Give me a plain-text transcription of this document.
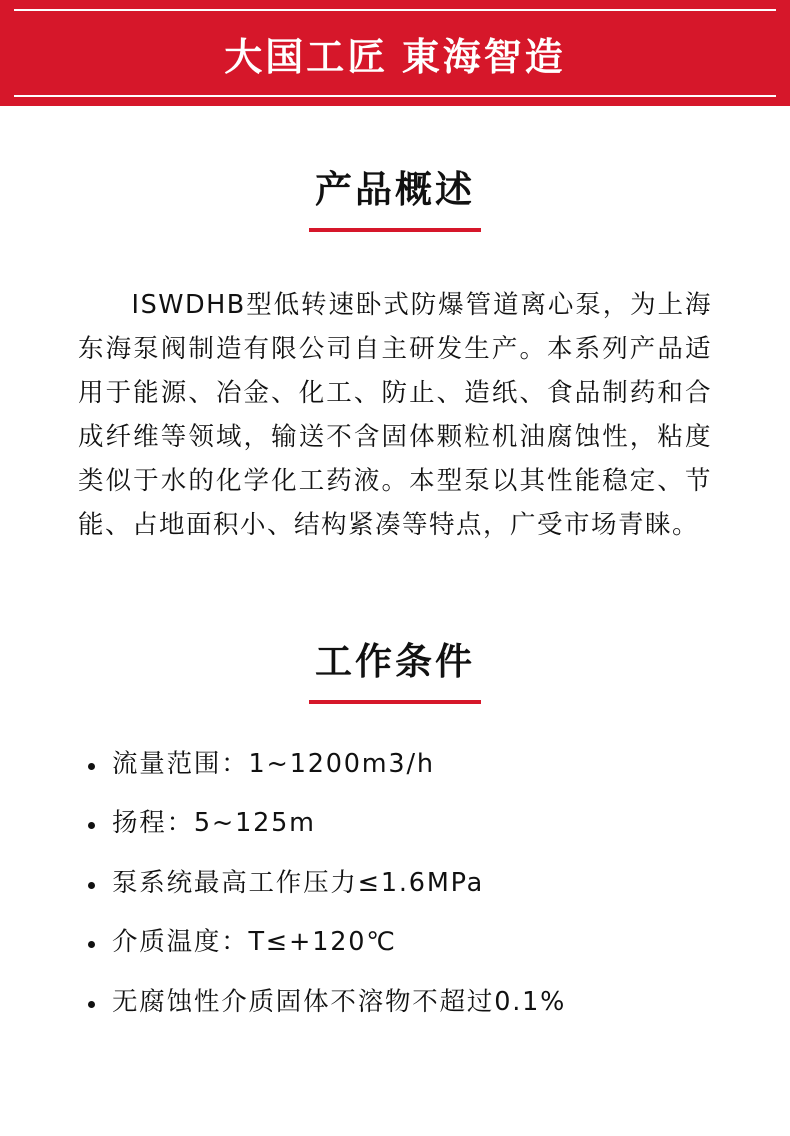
大国工匠 東海智造
产品概述

ISWDHB型低转速卧式防爆管道离心泵，为上海东海泵阀制造有限公司自主研发生产。本系列产品适用于能源、冶金、化工、防止、造纸、食品制药和合成纤维等领域，输送不含固体颗粒机油腐蚀性，粘度类似于水的化学化工药液。本型泵以其性能稳定、节能、占地面积小、结构紧凑等特点，广受市场青睐。

工作条件
流量范围：1~1200m3/h
扬程：5~125m
泵系统最高工作压力≤1.6MPa
介质温度：T≤+120℃
无腐蚀性介质固体不溶物不超过0.1%
